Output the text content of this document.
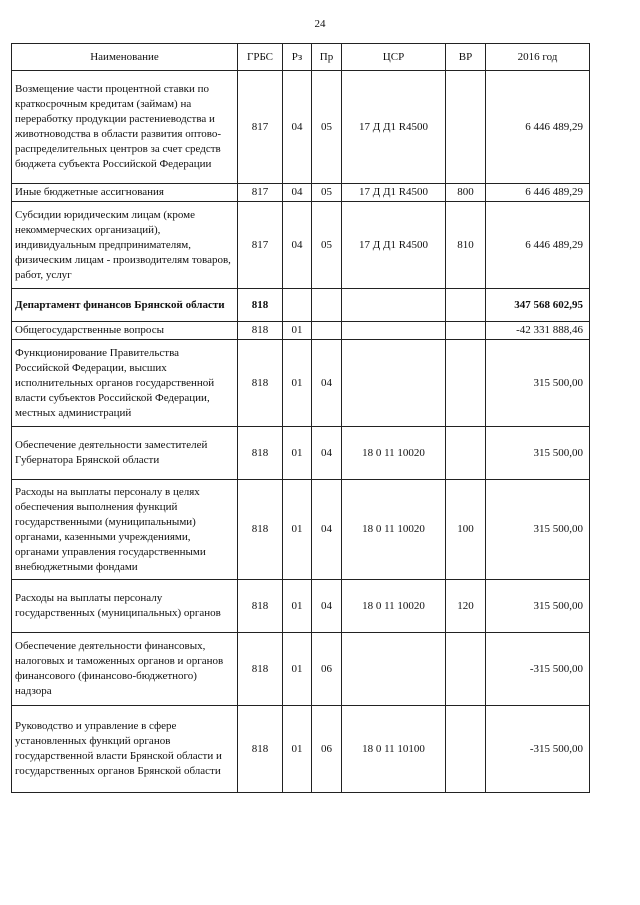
24
Наименование	ГРБС	Рз	Пр	ЦСР	ВР	2016 год
Возмещение части процентной ставки по краткосрочным кредитам (займам) на переработку продукции растениеводства и животноводства в области развития оптово-распределительных центров за счет средств бюджета субъекта Российской Федерации	817	04	05	17 Д Д1 R4500		6 446 489,29
Иные бюджетные ассигнования	817	04	05	17 Д Д1 R4500	800	6 446 489,29
Субсидии юридическим лицам (кроме некоммерческих организаций), индивидуальным предпринимателям, физическим лицам - производителям товаров, работ, услуг	817	04	05	17 Д Д1 R4500	810	6 446 489,29
Департамент финансов Брянской области	818					347 568 602,95
Общегосударственные вопросы	818	01				-42 331 888,46
Функционирование Правительства Российской Федерации, высших исполнительных органов государственной власти субъектов Российской Федерации, местных администраций	818	01	04			315 500,00
Обеспечение деятельности заместителей Губернатора Брянской области	818	01	04	18 0 11 10020		315 500,00
Расходы на выплаты персоналу в целях обеспечения выполнения функций государственными (муниципальными) органами, казенными учреждениями, органами управления государственными внебюджетными фондами	818	01	04	18 0 11 10020	100	315 500,00
Расходы на выплаты персоналу государственных (муниципальных) органов	818	01	04	18 0 11 10020	120	315 500,00
Обеспечение деятельности финансовых, налоговых и таможенных органов и органов финансового (финансово-бюджетного) надзора	818	01	06			-315 500,00
Руководство и управление в сфере установленных функций органов государственной власти Брянской области и государственных органов Брянской области	818	01	06	18 0 11 10100		-315 500,00
